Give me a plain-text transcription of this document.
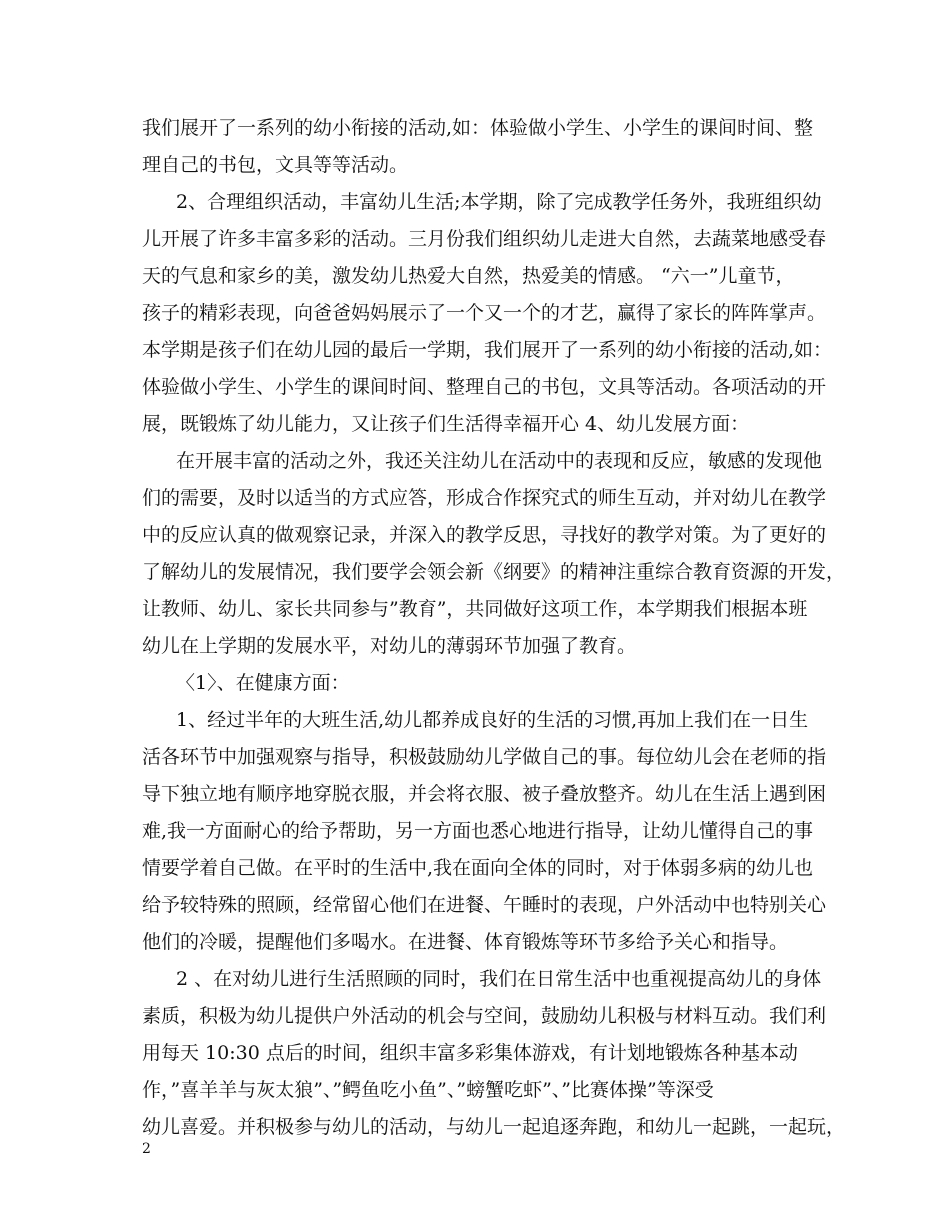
我们展开了一系列的幼小衔接的活动,如：体验做小学生、小学生的课间时间、整
理自己的书包，文具等等活动。
2、合理组织活动，丰富幼儿生活;本学期，除了完成教学任务外，我班组织幼
儿开展了许多丰富多彩的活动。三月份我们组织幼儿走进大自然，去蔬菜地感受春
天的气息和家乡的美，激发幼儿热爱大自然，热爱美的情感。 “六一”儿童节，
孩子的精彩表现，向爸爸妈妈展示了一个又一个的才艺，赢得了家长的阵阵掌声。
本学期是孩子们在幼儿园的最后一学期，我们展开了一系列的幼小衔接的活动,如：
体验做小学生、小学生的课间时间、整理自己的书包，文具等活动。各项活动的开
展，既锻炼了幼儿能力，又让孩子们生活得幸福开心 4、幼儿发展方面：
在开展丰富的活动之外，我还关注幼儿在活动中的表现和反应，敏感的发现他
们的需要，及时以适当的方式应答，形成合作探究式的师生互动，并对幼儿在教学
中的反应认真的做观察记录，并深入的教学反思，寻找好的教学对策。为了更好的
了解幼儿的发展情况，我们要学会领会新《纲要》的精神注重综合教育资源的开发，
让教师、幼儿、家长共同参与”教育”，共同做好这项工作，本学期我们根据本班
幼儿在上学期的发展水平，对幼儿的薄弱环节加强了教育。
〈1〉、在健康方面：
1、经过半年的大班生活,幼儿都养成良好的生活的习惯,再加上我们在一日生
活各环节中加强观察与指导，积极鼓励幼儿学做自己的事。每位幼儿会在老师的指
导下独立地有顺序地穿脱衣服，并会将衣服、被子叠放整齐。幼儿在生活上遇到困
难,我一方面耐心的给予帮助，另一方面也悉心地进行指导，让幼儿懂得自己的事
情要学着自己做。在平时的生活中,我在面向全体的同时，对于体弱多病的幼儿也
给予较特殊的照顾，经常留心他们在进餐、午睡时的表现，户外活动中也特别关心
他们的冷暖，提醒他们多喝水。在进餐、体育锻炼等环节多给予关心和指导。
2 、在对幼儿进行生活照顾的同时，我们在日常生活中也重视提高幼儿的身体
素质，积极为幼儿提供户外活动的机会与空间，鼓励幼儿积极与材料互动。我们利
用每天 10:30 点后的时间，组织丰富多彩集体游戏，有计划地锻炼各种基本动
作，”喜羊羊与灰太狼”、”鳄鱼吃小鱼”、”螃蟹吃虾”、”比赛体操”等深受
幼儿喜爱。并积极参与幼儿的活动，与幼儿一起追逐奔跑，和幼儿一起跳，一起玩，
2
